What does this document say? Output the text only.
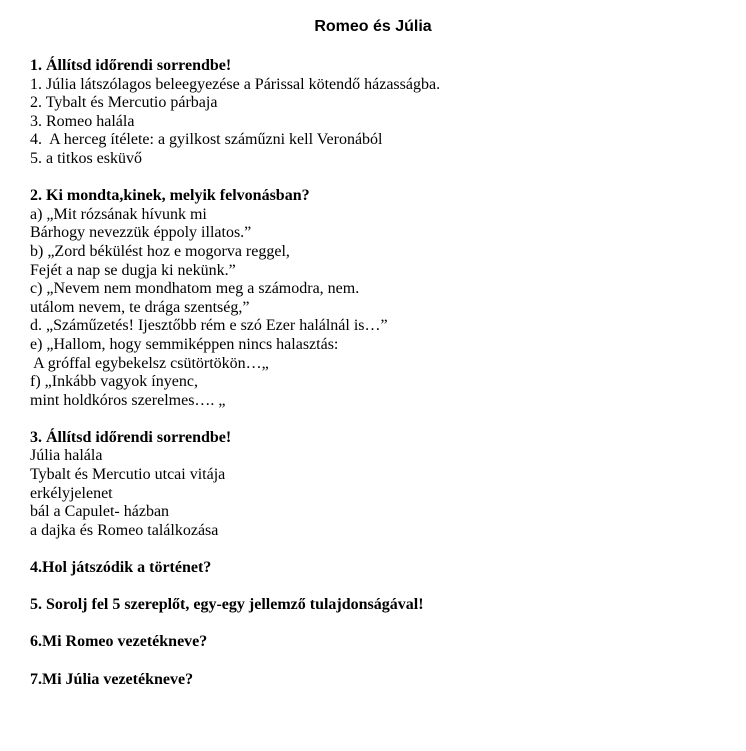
Romeo és Júlia
1. Állítsd időrendi sorrendbe!
1. Júlia látszólagos beleegyezése a Párissal kötendő házasságba.
2. Tybalt és Mercutio párbaja
3. Romeo halála
4.  A herceg ítélete: a gyilkost száműzni kell Veronából
5. a titkos esküvő
2. Ki mondta,kinek, melyik felvonásban?
a) „Mit rózsának hívunk mi
Bárhogy nevezzük éppoly illatos.”
b) „Zord békülést hoz e mogorva reggel,
Fejét a nap se dugja ki nekünk.”
c) „Nevem nem mondhatom meg a számodra, nem.
utálom nevem, te drága szentség,”
d. „Száműzetés! Ijesztőbb rém e szó Ezer halálnál is…”
e) „Hallom, hogy semmiképpen nincs halasztás:
A gróffal egybekelsz csütörtökön…„
f) „Inkább vagyok ínyenc,
mint holdkóros szerelmes…. „
3. Állítsd időrendi sorrendbe!
Júlia halála
Tybalt és Mercutio utcai vitája
erkélyjelenet
bál a Capulet- házban
a dajka és Romeo találkozása
4.Hol játszódik a történet?
5. Sorolj fel 5 szereplőt, egy-egy jellemző tulajdonságával!
6.Mi Romeo vezetékneve?
7.Mi Júlia vezetékneve?
